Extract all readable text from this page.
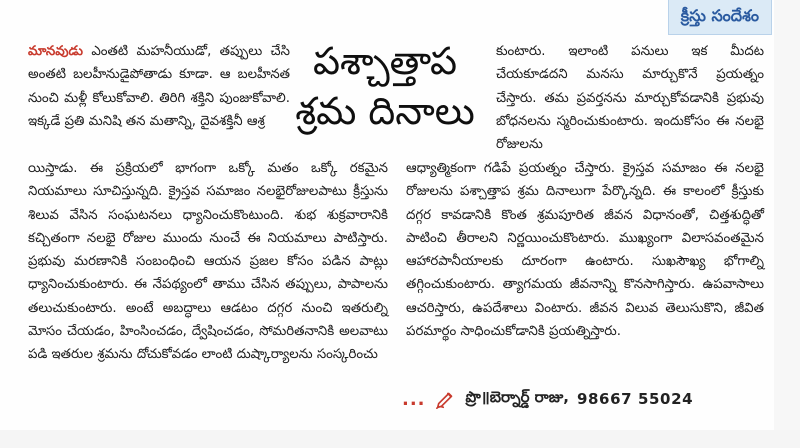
క్రీస్తు సందేశం
మానవుడు ఎంతటి మహనీయుడో, తప్పులు చేసి అంతటి బలహీనుడైపోతాడు కూడా. ఆ బలహీనత నుంచి మళ్లీ కోలుకోవాలి. తిరిగి శక్తిని పుంజుకోవాలి. ఇక్కడే ప్రతి మనిషి తన మతాన్ని, దైవశక్తినీ ఆశ్ర
పశ్చాత్తాప
శ్రమ దినాలు
కుంటారు. ఇలాంటి పనులు ఇక మీదట చేయకూడదని మనసు మార్చుకొనే ప్రయత్నం చేస్తారు. తమ ప్రవర్తనను మార్చుకోవడానికి ప్రభువు బోధనలను స్మరించుకుంటారు. ఇందుకోసం ఈ నలభై రోజులను
యిస్తాడు. ఈ ప్రక్రియలో భాగంగా ఒక్కో మతం ఒక్కో రకమైన నియమాలు సూచిస్తున్నది. క్రైస్తవ సమాజం నలభైరోజులపాటు క్రీస్తును శిలువ వేసిన సంఘటనలు ధ్యానించుకొంటుంది. శుభ శుక్రవారానికి కచ్చితంగా నలభై రోజుల ముందు నుంచే ఈ నియమాలు పాటిస్తారు. ప్రభువు మరణానికి సంబంధించి ఆయన ప్రజల కోసం పడిన పాట్లు ధ్యానించుకుంటారు. ఈ నేపథ్యంలో తాము చేసిన తప్పులు, పాపాలను తలుచుకుంటారు. అంటే అబద్ధాలు ఆడటం దగ్గర నుంచి ఇతరుల్ని మోసం చేయడం, హింసించడం, ద్వేషించడం, సోమరితనానికి అలవాటు పడి ఇతరుల శ్రమను దోచుకోవడం లాంటి దుష్కార్యాలను సంస్కరించు
ఆధ్యాత్మికంగా గడిపే ప్రయత్నం చేస్తారు. క్రైస్తవ సమాజం ఈ నలభై రోజులను పశ్చాత్తాప శ్రమ దినాలుగా పేర్కొన్నది. ఈ కాలంలో క్రీస్తుకు దగ్గర కావడానికి కొంత శ్రమపూరిత జీవన విధానంతో, చిత్తశుద్ధితో పాటించి తీరాలని నిర్ణయించుకొంటారు. ముఖ్యంగా విలాసవంతమైన ఆహారపానీయాలకు దూరంగా ఉంటారు. సుఖసౌఖ్య భోగాల్ని తగ్గించుకుంటారు. త్యాగమయ జీవనాన్ని కొనసాగిస్తారు. ఉపవాసాలు ఆచరిస్తారు, ఉపదేశాలు వింటారు. జీవన విలువ తెలుసుకొని, జీవిత పరమార్థం సాధించుకోడానికి ప్రయత్నిస్తారు.
...	ప్రొ॥బెర్నార్డ్ రాజు, 98667 55024
